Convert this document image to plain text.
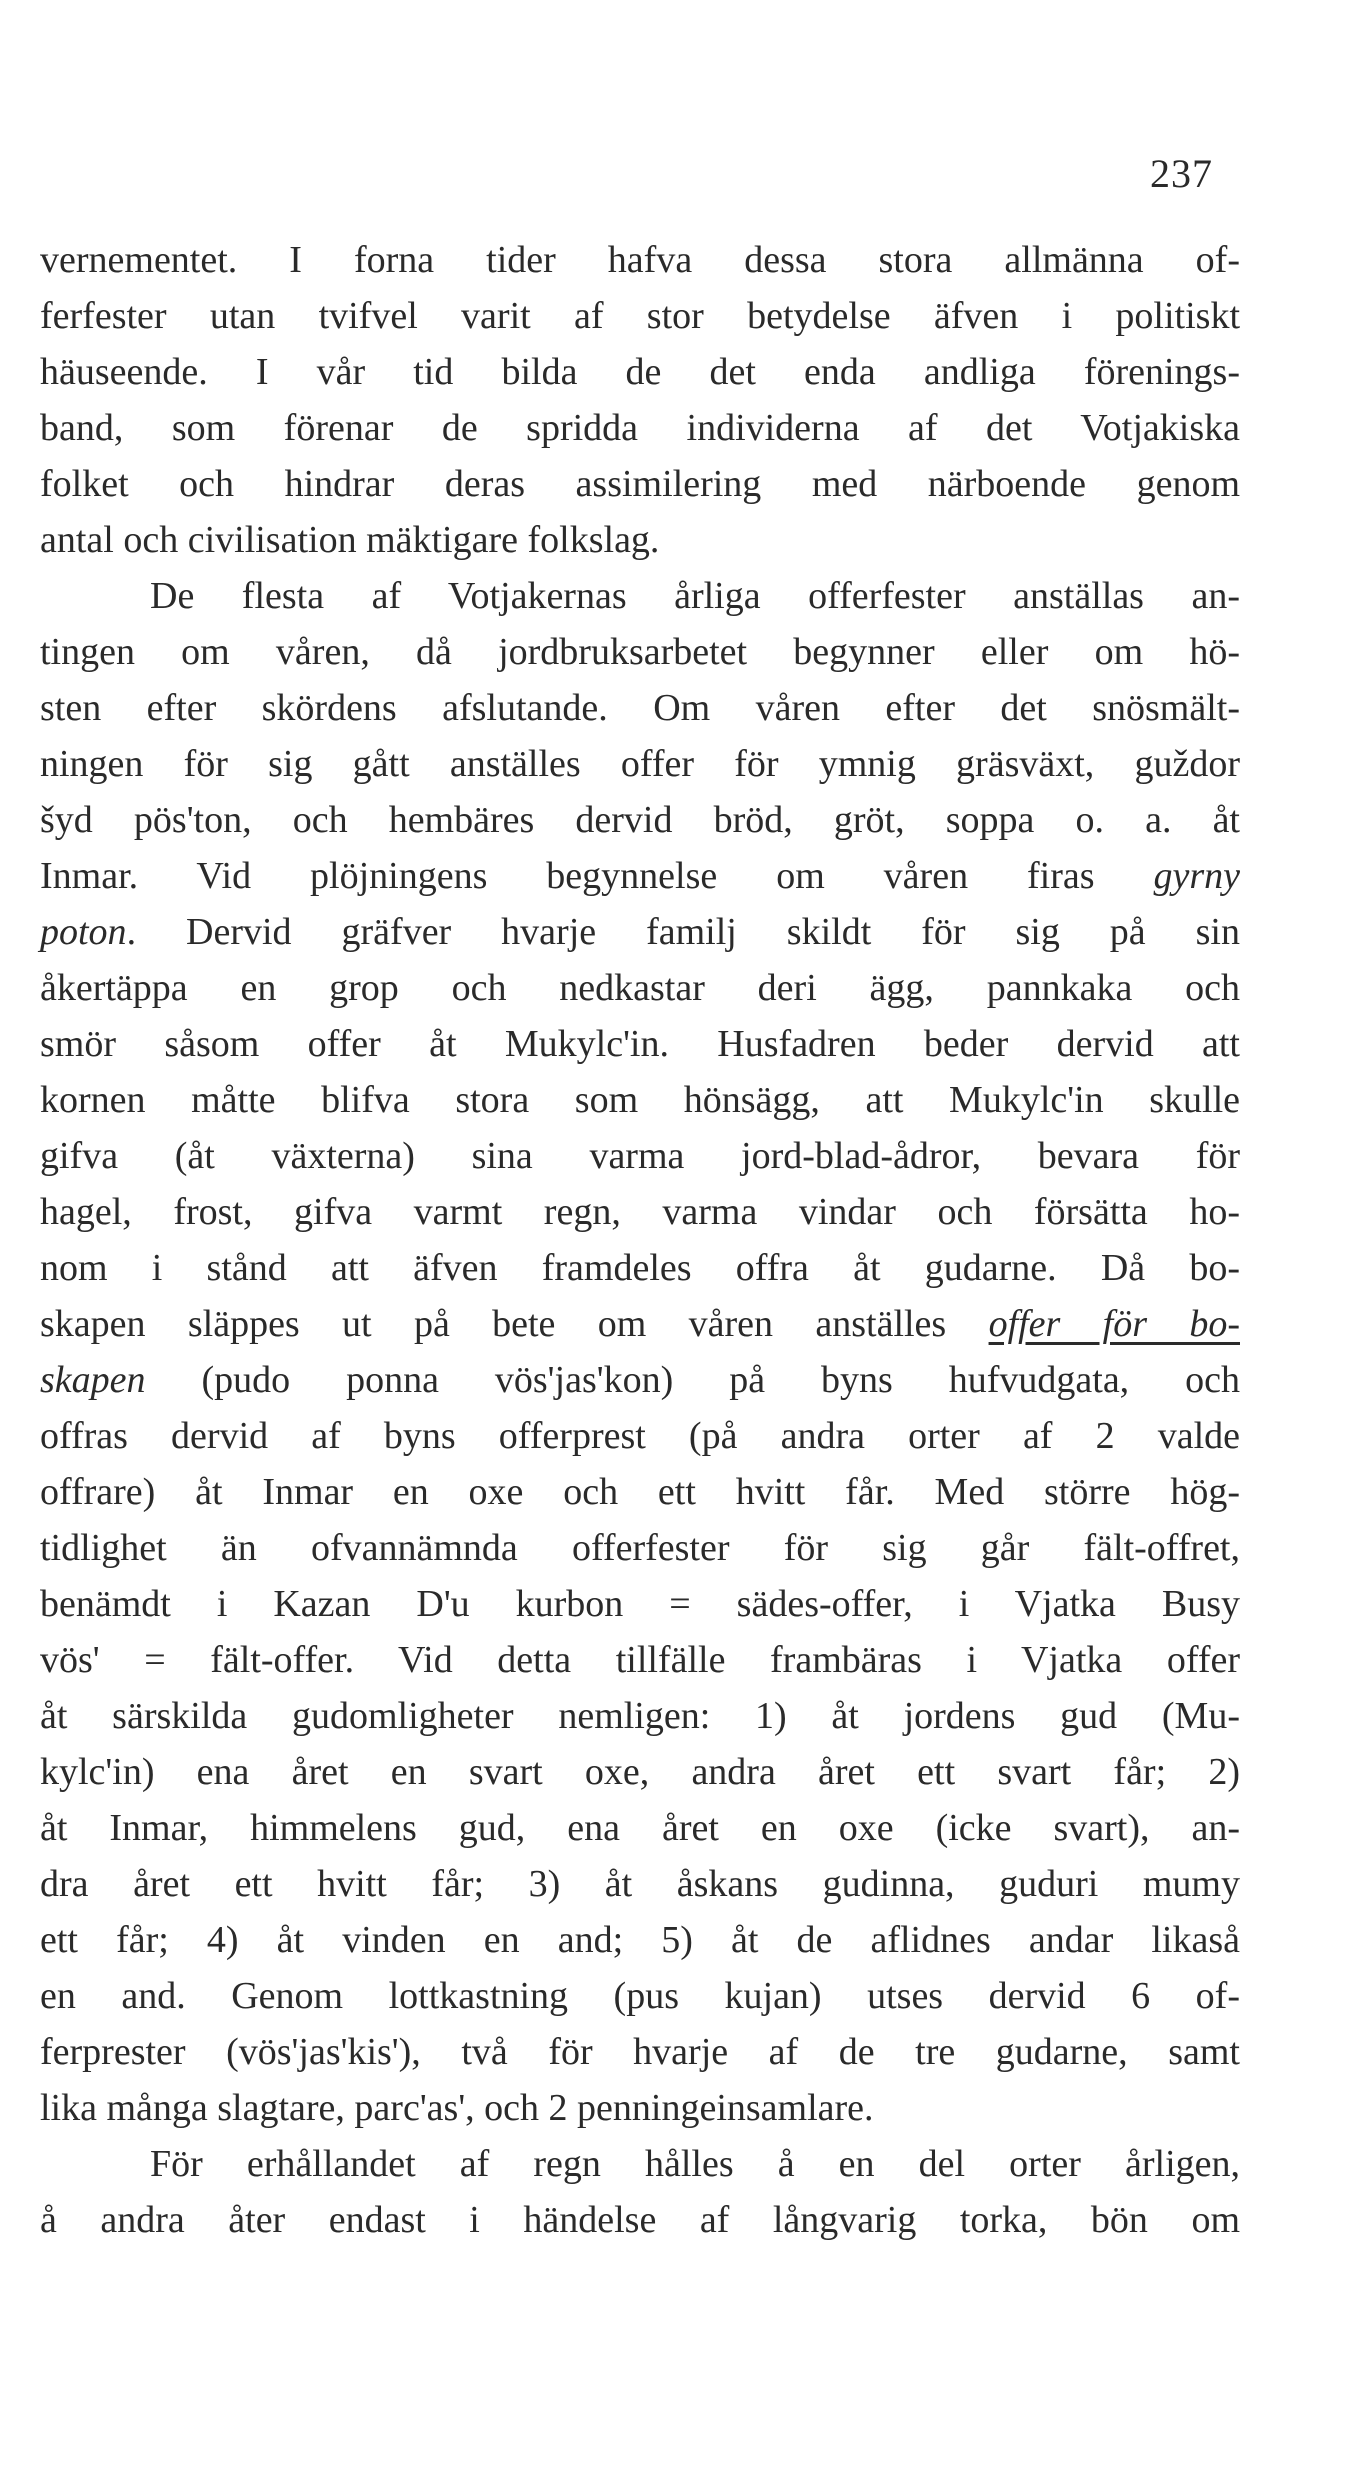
237
vernementet. I forna tider hafva dessa stora allmänna of-
ferfester utan tvifvel varit af stor betydelse äfven i politiskt
häuseende. I vår tid bilda de det enda andliga förenings-
band, som förenar de spridda individerna af det Votjakiska
folket och hindrar deras assimilering med närboende genom
antal och civilisation mäktigare folkslag.
De flesta af Votjakernas årliga offerfester anställas an-
tingen om våren, då jordbruksarbetet begynner eller om hö-
sten efter skördens afslutande. Om våren efter det snösmält-
ningen för sig gått anställes offer för ymnig gräsväxt, guždor
šyd pös'ton, och hembäres dervid bröd, gröt, soppa o. a. åt
Inmar. Vid plöjningens begynnelse om våren firas gyrny
poton. Dervid gräfver hvarje familj skildt för sig på sin
åkertäppa en grop och nedkastar deri ägg, pannkaka och
smör såsom offer åt Mukylc'in. Husfadren beder dervid att
kornen måtte blifva stora som hönsägg, att Mukylc'in skulle
gifva (åt växterna) sina varma jord-blad-ådror, bevara för
hagel, frost, gifva varmt regn, varma vindar och försätta ho-
nom i stånd att äfven framdeles offra åt gudarne. Då bo-
skapen släppes ut på bete om våren anställes offer för bo-
skapen (pudo ponna vös'jas'kon) på byns hufvudgata, och
offras dervid af byns offerprest (på andra orter af 2 valde
offrare) åt Inmar en oxe och ett hvitt får. Med större hög-
tidlighet än ofvannämnda offerfester för sig går fält-offret,
benämdt i Kazan D'u kurbon = sädes-offer, i Vjatka Busy
vös' = fält-offer. Vid detta tillfälle frambäras i Vjatka offer
åt särskilda gudomligheter nemligen: 1) åt jordens gud (Mu-
kylc'in) ena året en svart oxe, andra året ett svart får; 2)
åt Inmar, himmelens gud, ena året en oxe (icke svart), an-
dra året ett hvitt får; 3) åt åskans gudinna, guduri mumy
ett får; 4) åt vinden en and; 5) åt de aflidnes andar likaså
en and. Genom lottkastning (pus kujan) utses dervid 6 of-
ferprester (vös'jas'kis'), två för hvarje af de tre gudarne, samt
lika många slagtare, parc'as', och 2 penningeinsamlare.
För erhållandet af regn hålles å en del orter årligen,
å andra åter endast i händelse af långvarig torka, bön om
